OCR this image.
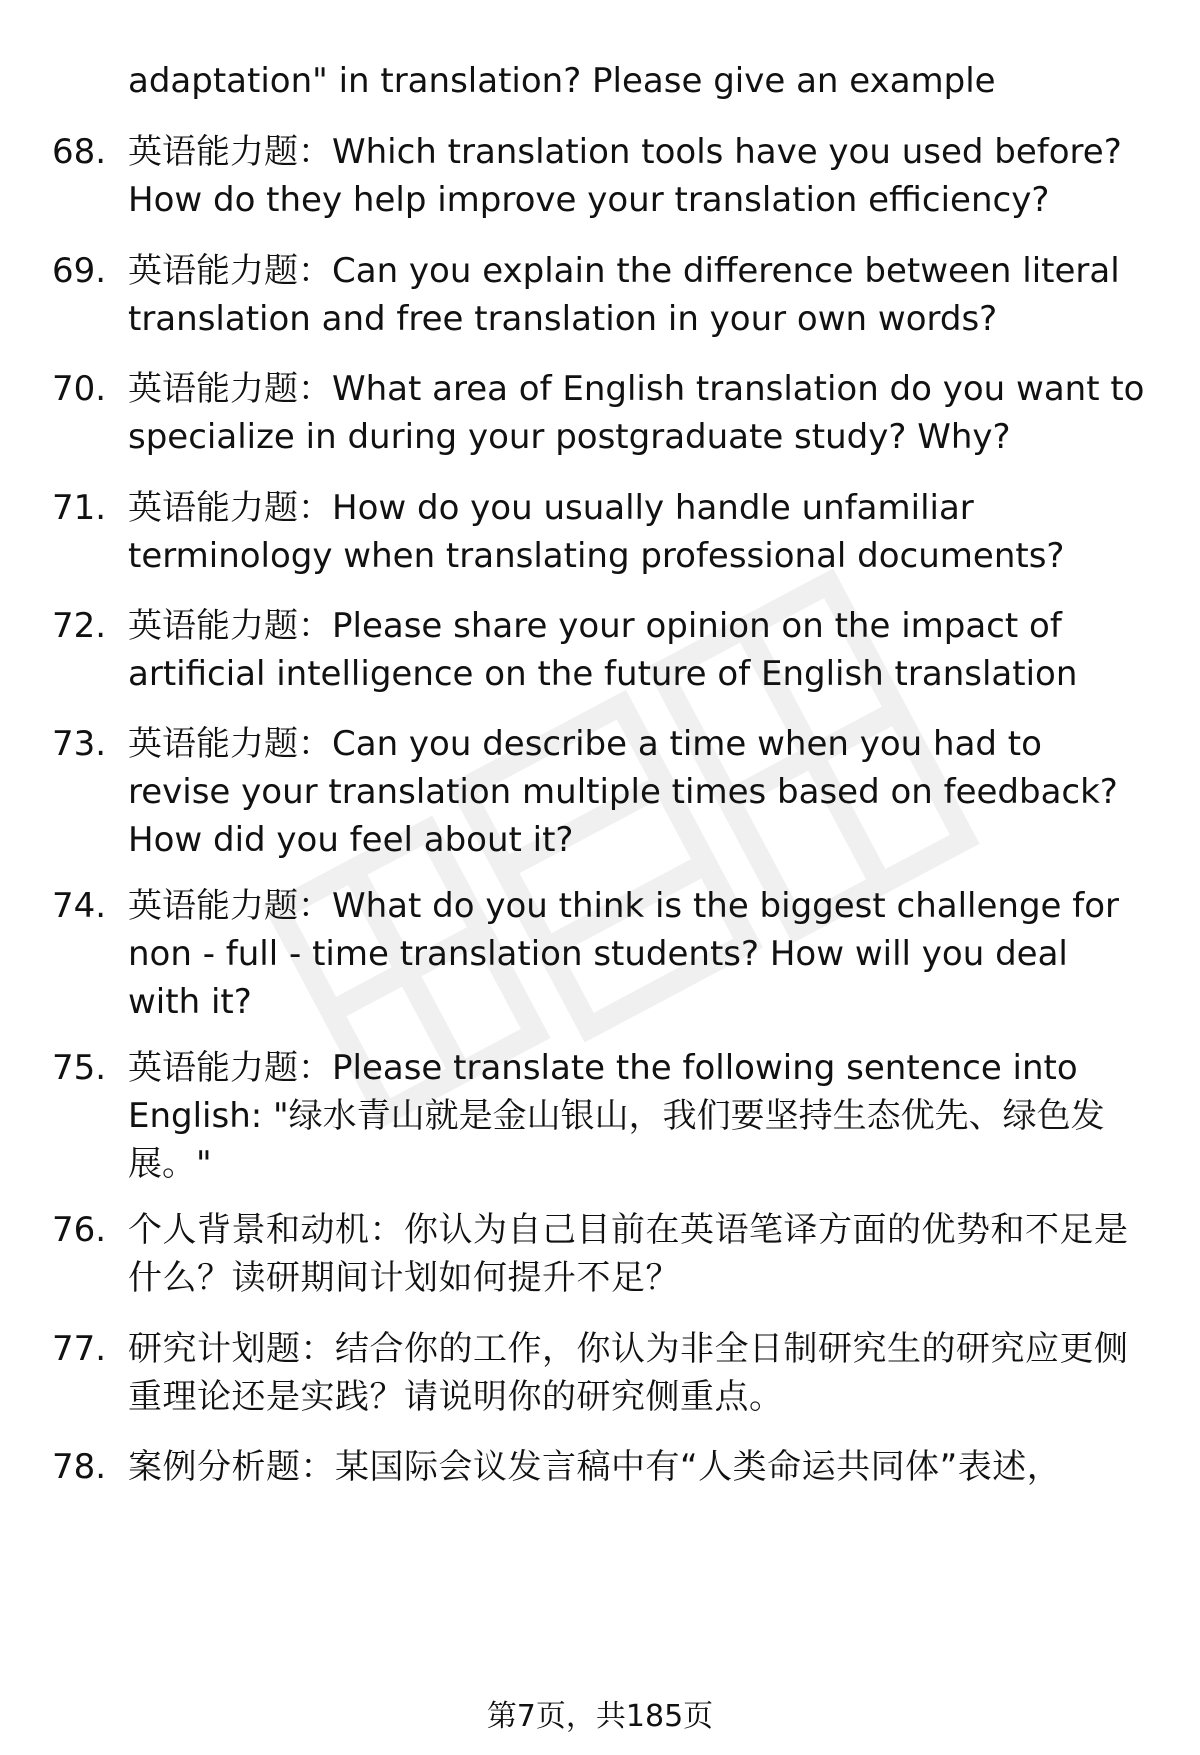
adaptation" in translation? Please give an example
68. 英语能力题：Which translation tools have you used before? How do they help improve your translation efficiency?
69. 英语能力题：Can you explain the difference between literal translation and free translation in your own words?
70. 英语能力题：What area of English translation do you want to specialize in during your postgraduate study? Why?
71. 英语能力题：How do you usually handle unfamiliar terminology when translating professional documents?
72. 英语能力题：Please share your opinion on the impact of artificial intelligence on the future of English translation
73. 英语能力题：Can you describe a time when you had to revise your translation multiple times based on feedback? How did you feel about it?
74. 英语能力题：What do you think is the biggest challenge for non - full - time translation students? How will you deal with it?
75. 英语能力题：Please translate the following sentence into English: "绿水青山就是金山银山，我们要坚持生态优先、绿色发展。"
76. 个人背景和动机：你认为自己目前在英语笔译方面的优势和不足是什么？读研期间计划如何提升不足？
77. 研究计划题：结合你的工作，你认为非全日制研究生的研究应更侧重理论还是实践？请说明你的研究侧重点。
78. 案例分析题：某国际会议发言稿中有“人类命运共同体”表述，
第7页，共185页
